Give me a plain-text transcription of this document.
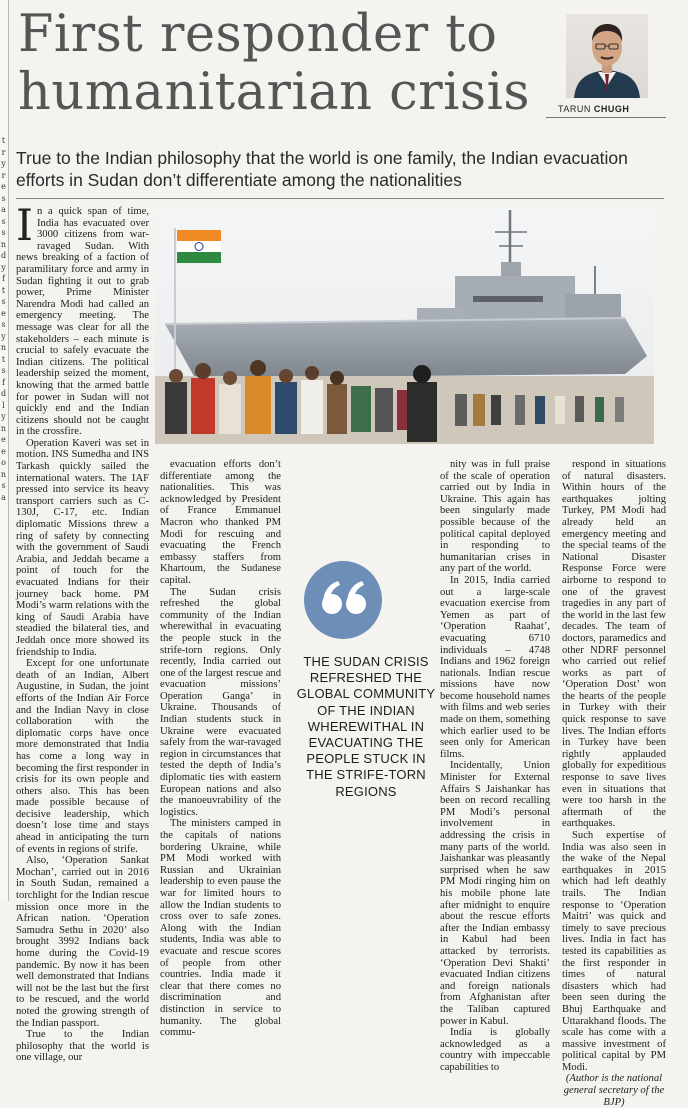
t
r
y
r
e
s
a
s
s
n
d
y
f
t
s
e
s
y
n
t
s
f
d
l
y
n
e
e
o
n
s
a
First responder to
humanitarian crisis	TARUN CHUGH

True to the Indian philosophy that the world is one family, the Indian evacuation efforts in Sudan don’t differentiate among the nationalities

In a quick span of time, India has evacuated over 3000 citizens from war-ravaged Sudan. With news breaking of a faction of paramilitary force and army in Sudan fighting it out to grab power, Prime Minister Narendra Modi had called an emergency meeting. The message was clear for all the stakeholders – each minute is crucial to safely evacuate the Indian citizens. The political leadership seized the moment, knowing that the armed battle for power in Sudan will not quickly end and the Indian citizens should not be caught in the crossfire.

Operation Kaveri was set in motion. INS Sumedha and INS Tarkash quickly sailed the international waters. The IAF pressed into service its heavy transport carriers such as C-130J, C-17, etc. Indian diplomatic Missions threw a ring of safety by connecting with the government of Saudi Arabia, and Jeddah became a point of touch for the evacuated Indians for their journey back home. PM Modi’s warm relations with the king of Saudi Arabia have steadied the bilateral ties, and Jeddah once more showed its friendship to India.

Except for one unfortunate death of an Indian, Albert Augustine, in Sudan, the joint efforts of the Indian Air Force and the Indian Navy in close collaboration with the diplomatic corps have once more demonstrated that India has come a long way in becoming the first responder in crisis for its own people and others also. This has been made possible because of decisive leadership, which doesn’t lose time and stays ahead in anticipating the turn of events in regions of strife.

Also, ‘Operation Sankat Mochan’, carried out in 2016 in South Sudan, remained a torchlight for the Indian rescue mission once more in the African nation. ‘Operation Samudra Sethu in 2020’ also brought 3992 Indians back home during the Covid-19 pandemic. By now it has been well demonstrated that Indians will not be the last but the first to be rescued, and the world noted the growing strength of the Indian passport.

True to the Indian philosophy that the world is one village, our

evacuation efforts don’t differentiate among the nationalities. This was acknowledged by President of France Emmanuel Macron who thanked PM Modi for rescuing and evacuating the French embassy staffers from Khartoum, the Sudanese capital.

The Sudan crisis refreshed the global community of the Indian wherewithal in evacuating the people stuck in the strife-torn regions. Only recently, India carried out one of the largest rescue and evacuation missions’ Operation Ganga’ in Ukraine. Thousands of Indian students stuck in Ukraine were evacuated safely from the war-ravaged region in circumstances that tested the depth of India’s diplomatic ties with eastern European nations and also the manoeuvrability of the logistics.

The ministers camped in the capitals of nations bordering Ukraine, while PM Modi worked with Russian and Ukrainian leadership to even pause the war for limited hours to allow the Indian students to cross over to safe zones. Along with the Indian students, India was able to evacuate and rescue scores of people from other countries. India made it clear that there comes no discrimination and distinction in service to humanity. The global commu-

THE SUDAN CRISIS REFRESHED THE GLOBAL COMMUNITY OF THE INDIAN WHEREWITHAL IN EVACUATING THE PEOPLE STUCK IN THE STRIFE-TORN REGIONS

nity was in full praise of the scale of operation carried out by India in Ukraine. This again has been singularly made possible because of the political capital deployed in responding to humanitarian crises in any part of the world.

In 2015, India carried out a large-scale evacuation exercise from Yemen as part of ‘Operation Raahat’, evacuating 6710 individuals – 4748 Indians and 1962 foreign nationals. Indian rescue missions have now become household names with films and web series made on them, something which earlier used to be seen only for American films.

Incidentally, Union Minister for External Affairs S Jaishankar has been on record recalling PM Modi’s personal involvement in addressing the crisis in many parts of the world. Jaishankar was pleasantly surprised when he saw PM Modi ringing him on his mobile phone late after midnight to enquire about the rescue efforts after the Indian embassy in Kabul had been attacked by terrorists. ‘Operation Devi Shakti’ evacuated Indian citizens and foreign nationals from Afghanistan after the Taliban captured power in Kabul.

India is globally acknowledged as a country with impeccable capabilities to

respond in situations of natural disasters. Within hours of the earthquakes jolting Turkey, PM Modi had already held an emergency meeting and the special teams of the National Disaster Response Force were airborne to respond to one of the gravest tragedies in any part of the world in the last few decades. The team of doctors, paramedics and other NDRF personnel who carried out relief works as part of ‘Operation Dost’ won the hearts of the people in Turkey with their quick response to save lives. The Indian efforts in Turkey have been rightly applauded globally for expeditious response to save lives even in situations that were too harsh in the aftermath of the earthquakes.

Such expertise of India was also seen in the wake of the Nepal earthquakes in 2015 which had left deathly trails. The Indian response to ‘Operation Maitri’ was quick and timely to save precious lives. India in fact has tested its capabilities as the first responder in times of natural disasters which had been seen during the Bhuj Earthquake and Uttarakhand floods. The scale has come with a massive investment of political capital by PM Modi.

(Author is the national general secretary of the BJP)
